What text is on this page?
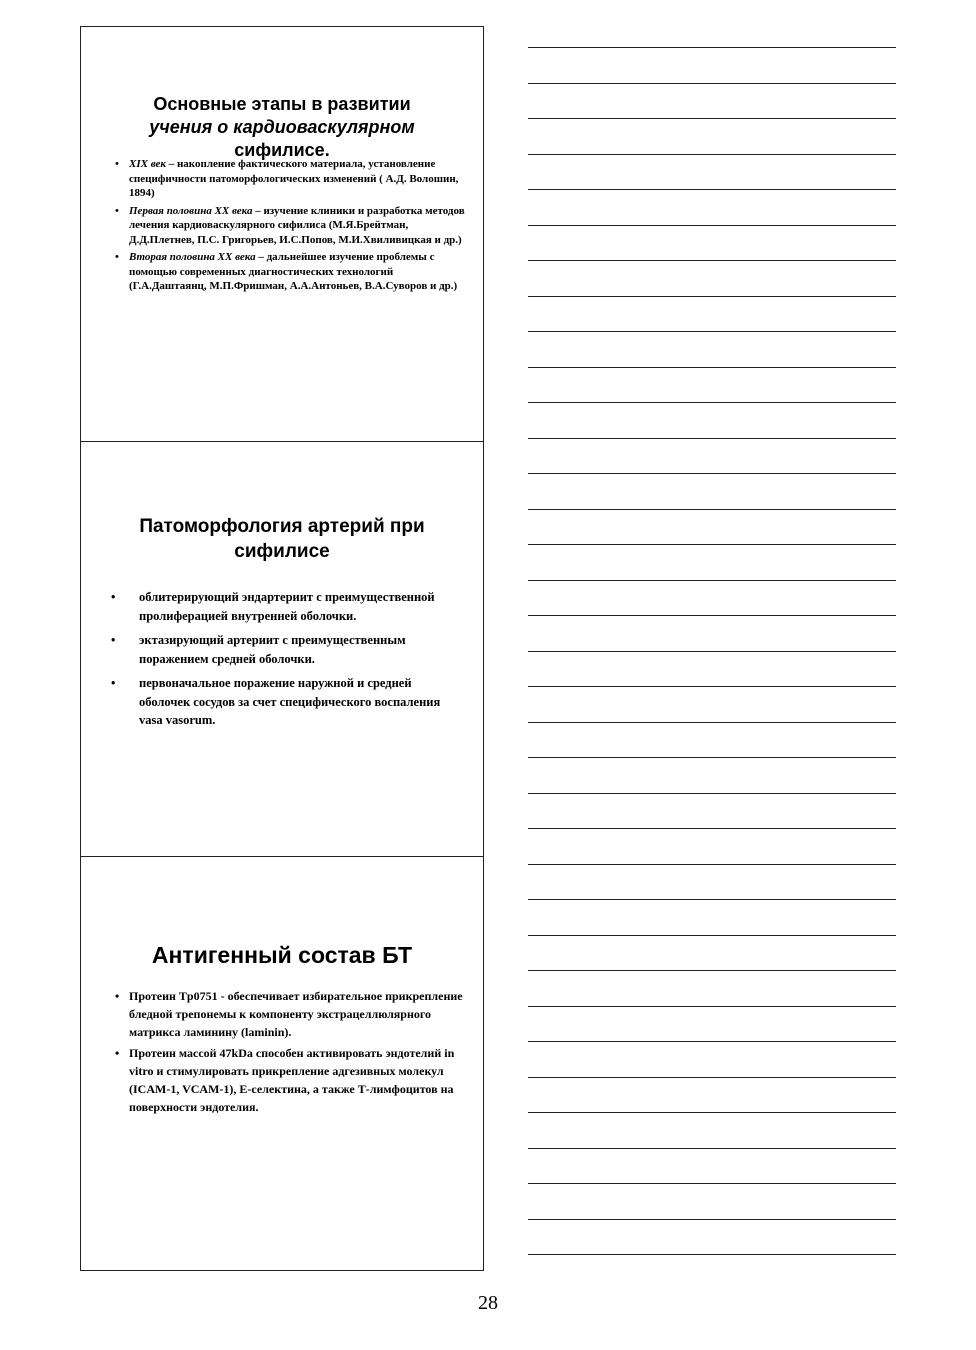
Основные этапы в развитии
учения о кардиоваскулярном
сифилисе.
• XIX век – накопление фактического материала, установление специфичности патоморфологических изменений ( А.Д. Волошин, 1894)
• Первая половина XX века – изучение клиники и разработка методов лечения кардиоваскулярного сифилиса (М.Я.Брейтман, Д.Д.Плетнев, П.С. Григорьев, И.С.Попов, М.И.Хвиливицкая и др.)
• Вторая половина XX века – дальнейшее изучение проблемы с помощью современных диагностических технологий (Г.А.Даштаянц, М.П.Фришман, А.А.Антоньев, В.А.Суворов и др.)
Патоморфология артерий при сифилисе
• облитерирующий эндартериит с преимущественной пролиферацией внутренней оболочки.
• эктазирующий артериит с преимущественным поражением средней оболочки.
• первоначальное поражение наружной и средней оболочек сосудов за счет специфического воспаления vasa vasorum.
Антигенный состав БТ
• Протеин Tp0751 - обеспечивает избирательное прикрепление бледной трепонемы к компоненту экстрацеллюлярного матрикса ламинину (laminin).
• Протеин массой 47kDa способен активировать эндотелий in vitro и стимулировать прикрепление адгезивных молекул (ICAM-1, VCAM-1), Е-селектина, а также Т-лимфоцитов на поверхности эндотелия.
28
